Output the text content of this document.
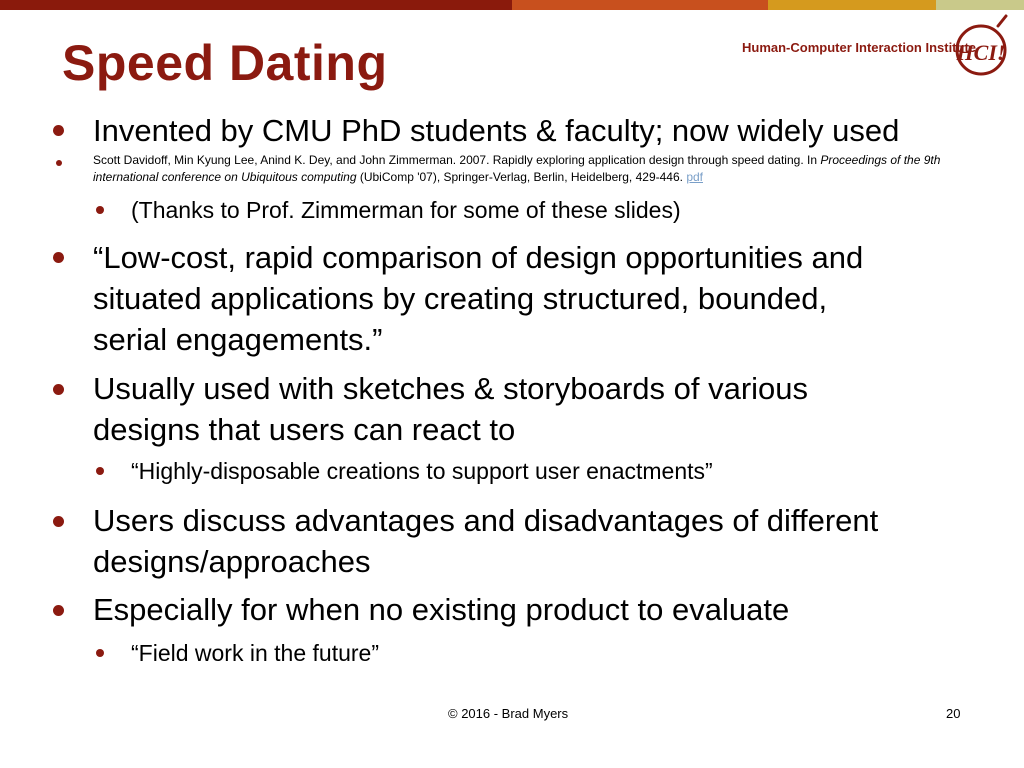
Speed Dating	Human-Computer Interaction Institute
HCI!
Invented by CMU PhD students & faculty; now widely used
Scott Davidoff, Min Kyung Lee, Anind K. Dey, and John Zimmerman. 2007. Rapidly exploring application design through speed dating. In Proceedings of the 9th international conference on Ubiquitous computing (UbiComp '07), Springer-Verlag, Berlin, Heidelberg, 429-446. pdf
(Thanks to Prof. Zimmerman for some of these slides)
“Low-cost, rapid comparison of design opportunities and
situated applications by creating structured, bounded,
serial engagements.”
Usually used with sketches & storyboards of various
designs that users can react to
“Highly-disposable creations to support user enactments”
Users discuss advantages and disadvantages of different
designs/approaches
Especially for when no existing product to evaluate
“Field work in the future”
© 2016 - Brad Myers	20
